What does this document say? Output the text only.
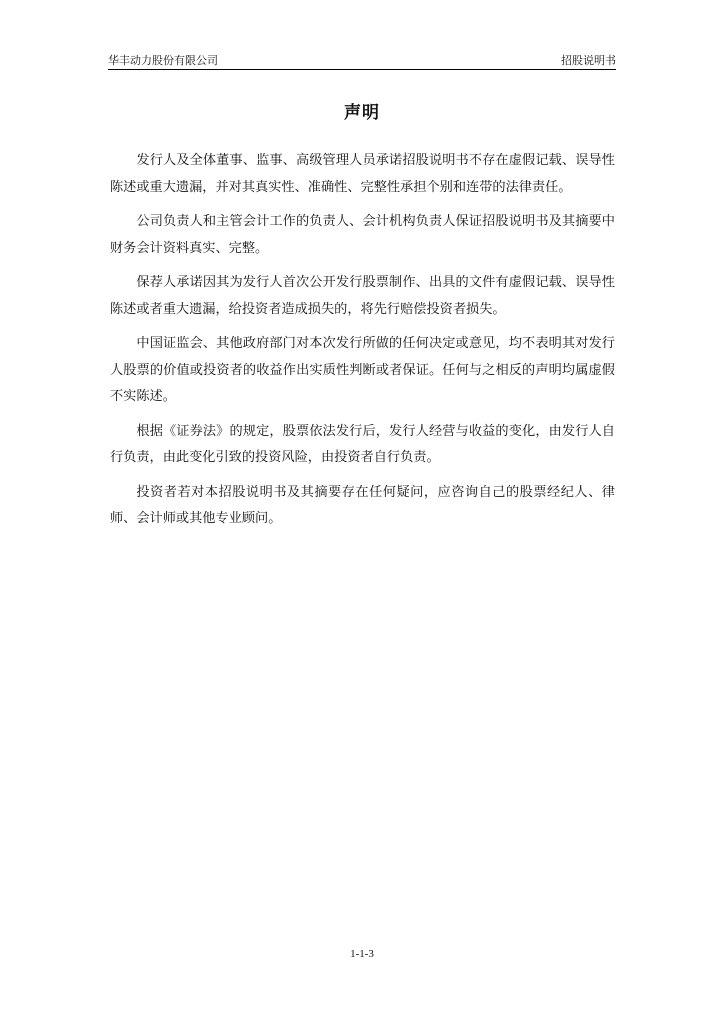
华丰动力股份有限公司	招股说明书
声明

发行人及全体董事、监事、高级管理人员承诺招股说明书不存在虚假记载、误导性陈述或重大遗漏，并对其真实性、准确性、完整性承担个别和连带的法律责任。

公司负责人和主管会计工作的负责人、会计机构负责人保证招股说明书及其摘要中财务会计资料真实、完整。

保荐人承诺因其为发行人首次公开发行股票制作、出具的文件有虚假记载、误导性陈述或者重大遗漏，给投资者造成损失的，将先行赔偿投资者损失。

中国证监会、其他政府部门对本次发行所做的任何决定或意见，均不表明其对发行人股票的价值或投资者的收益作出实质性判断或者保证。任何与之相反的声明均属虚假不实陈述。

根据《证券法》的规定，股票依法发行后，发行人经营与收益的变化，由发行人自行负责，由此变化引致的投资风险，由投资者自行负责。

投资者若对本招股说明书及其摘要存在任何疑问，应咨询自己的股票经纪人、律师、会计师或其他专业顾问。

1-1-3
